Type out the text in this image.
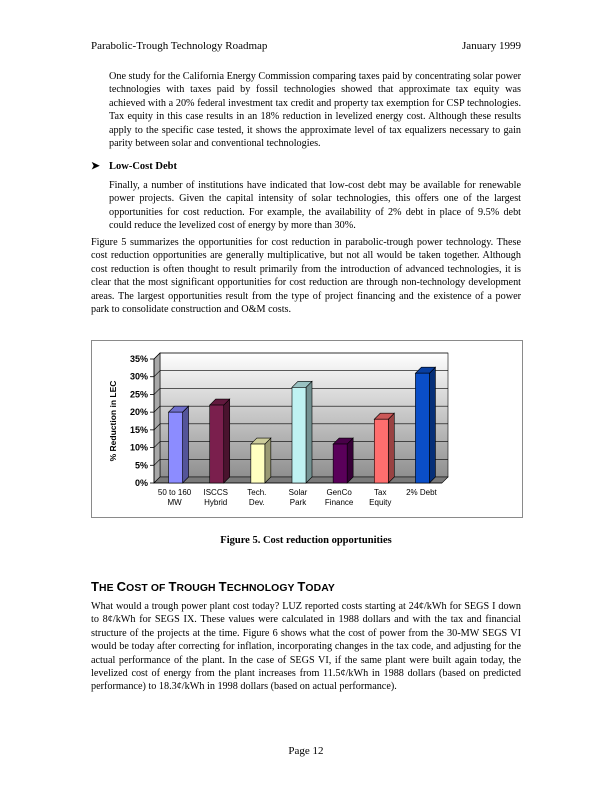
Parabolic-Trough Technology Roadmap	January 1999

One study for the California Energy Commission comparing taxes paid by concentrating solar power technologies with taxes paid by fossil technologies showed that approximate tax equity was achieved with a 20% federal investment tax credit and property tax exemption for CSP technologies. Tax equity in this case results in an 18% reduction in levelized energy cost. Although these results apply to the specific case tested, it shows the approximate level of tax equalizers necessary to gain parity between solar and conventional technologies.

➤ Low-Cost Debt

Finally, a number of institutions have indicated that low-cost debt may be available for renewable power projects. Given the capital intensity of solar technologies, this offers one of the largest opportunities for cost reduction. For example, the availability of 2% debt in place of 9.5% debt could reduce the levelized cost of energy by more than 30%.

Figure 5 summarizes the opportunities for cost reduction in parabolic-trough power technology. These cost reduction opportunities are generally multiplicative, but not all would be taken together. Although cost reduction is often thought to result primarily from the introduction of advanced technologies, it is clear that the most significant opportunities for cost reduction are through non-technology development areas. The largest opportunities result from the type of project financing and the existence of a power park to consolidate construction and O&M costs.

0%
5%
10%
15%
20%
25%
30%
35%
% Reduction in LEC
50 to 160
MW
ISCCS
Hybrid
Tech.
Dev.
Solar
Park
GenCo
Finance
Tax
Equity
2% Debt
Figure 5. Cost reduction opportunities
THE COST OF TROUGH TECHNOLOGY TODAY

What would a trough power plant cost today? LUZ reported costs starting at 24¢/kWh for SEGS I down to 8¢/kWh for SEGS IX. These values were calculated in 1988 dollars and with the tax and financial structure of the projects at the time. Figure 6 shows what the cost of power from the 30-MW SEGS VI would be today after correcting for inflation, incorporating changes in the tax code, and adjusting for the actual performance of the plant. In the case of SEGS VI, if the same plant were built again today, the levelized cost of energy from the plant increases from 11.5¢/kWh in 1988 dollars (based on predicted performance) to 18.3¢/kWh in 1998 dollars (based on actual performance).

Page 12
